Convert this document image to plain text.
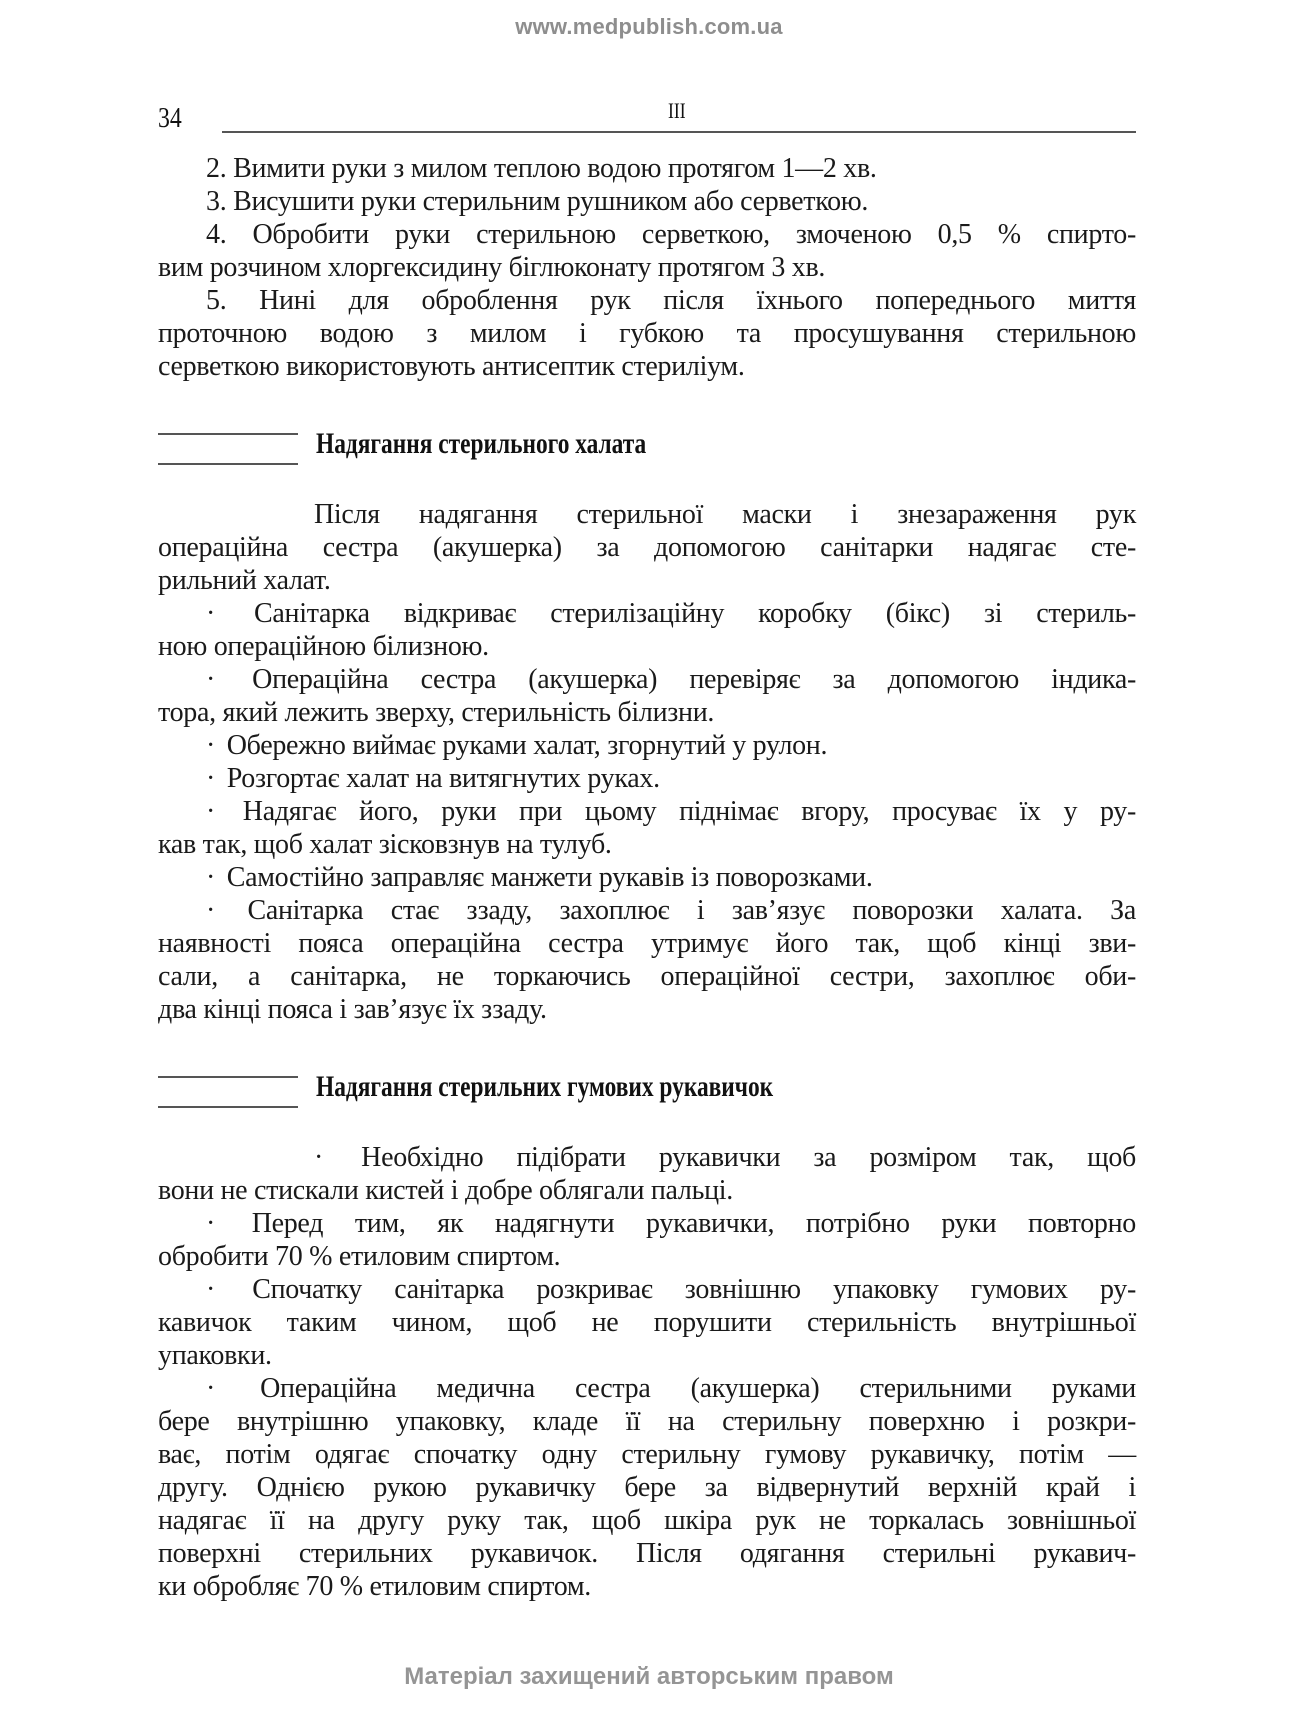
www.medpublish.com.ua
34	III
2. Вимити руки з милом теплою водою протягом 1—2 хв.
3. Висушити руки стерильним рушником або серветкою.
4. Обробити руки стерильною серветкою, змоченою 0,5 % спирто-
вим розчином хлоргексидину біглюконату протягом 3 хв.
5. Нині для оброблення рук після їхнього попереднього миття
проточною водою з милом і губкою та просушування стерильною
серветкою використовують антисептик стериліум.
Надягання стерильного халата
Після надягання стерильної маски і знезараження рук
операційна сестра (акушерка) за допомогою санітарки надягає сте-
рильний халат.
· Санітарка відкриває стерилізаційну коробку (бікс) зі стериль-
ною операційною білизною.
· Операційна сестра (акушерка) перевіряє за допомогою індика-
тора, який лежить зверху, стерильність білизни.
· Обережно виймає руками халат, згорнутий у рулон.
· Розгортає халат на витягнутих руках.
· Надягає його, руки при цьому піднімає вгору, просуває їх у ру-
кав так, щоб халат зісковзнув на тулуб.
· Самостійно заправляє манжети рукавів із поворозками.
· Санітарка стає ззаду, захоплює і зав’язує поворозки халата. За
наявності пояса операційна сестра утримує його так, щоб кінці зви-
сали, а санітарка, не торкаючись операційної сестри, захоплює оби-
два кінці пояса і зав’язує їх ззаду.
Надягання стерильних гумових рукавичок
· Необхідно підібрати рукавички за розміром так, щоб
вони не стискали кистей і добре облягали пальці.
· Перед тим, як надягнути рукавички, потрібно руки повторно
обробити 70 % етиловим спиртом.
· Спочатку санітарка розкриває зовнішню упаковку гумових ру-
кавичок таким чином, щоб не порушити стерильність внутрішньої
упаковки.
· Операційна медична сестра (акушерка) стерильними руками
бере внутрішню упаковку, кладе її на стерильну поверхню і розкри-
ває, потім одягає спочатку одну стерильну гумову рукавичку, потім —
другу. Однією рукою рукавичку бере за відвернутий верхній край і
надягає її на другу руку так, щоб шкіра рук не торкалась зовнішньої
поверхні стерильних рукавичок. Після одягання стерильні рукавич-
ки обробляє 70 % етиловим спиртом.
Матеріал захищений авторським правом
